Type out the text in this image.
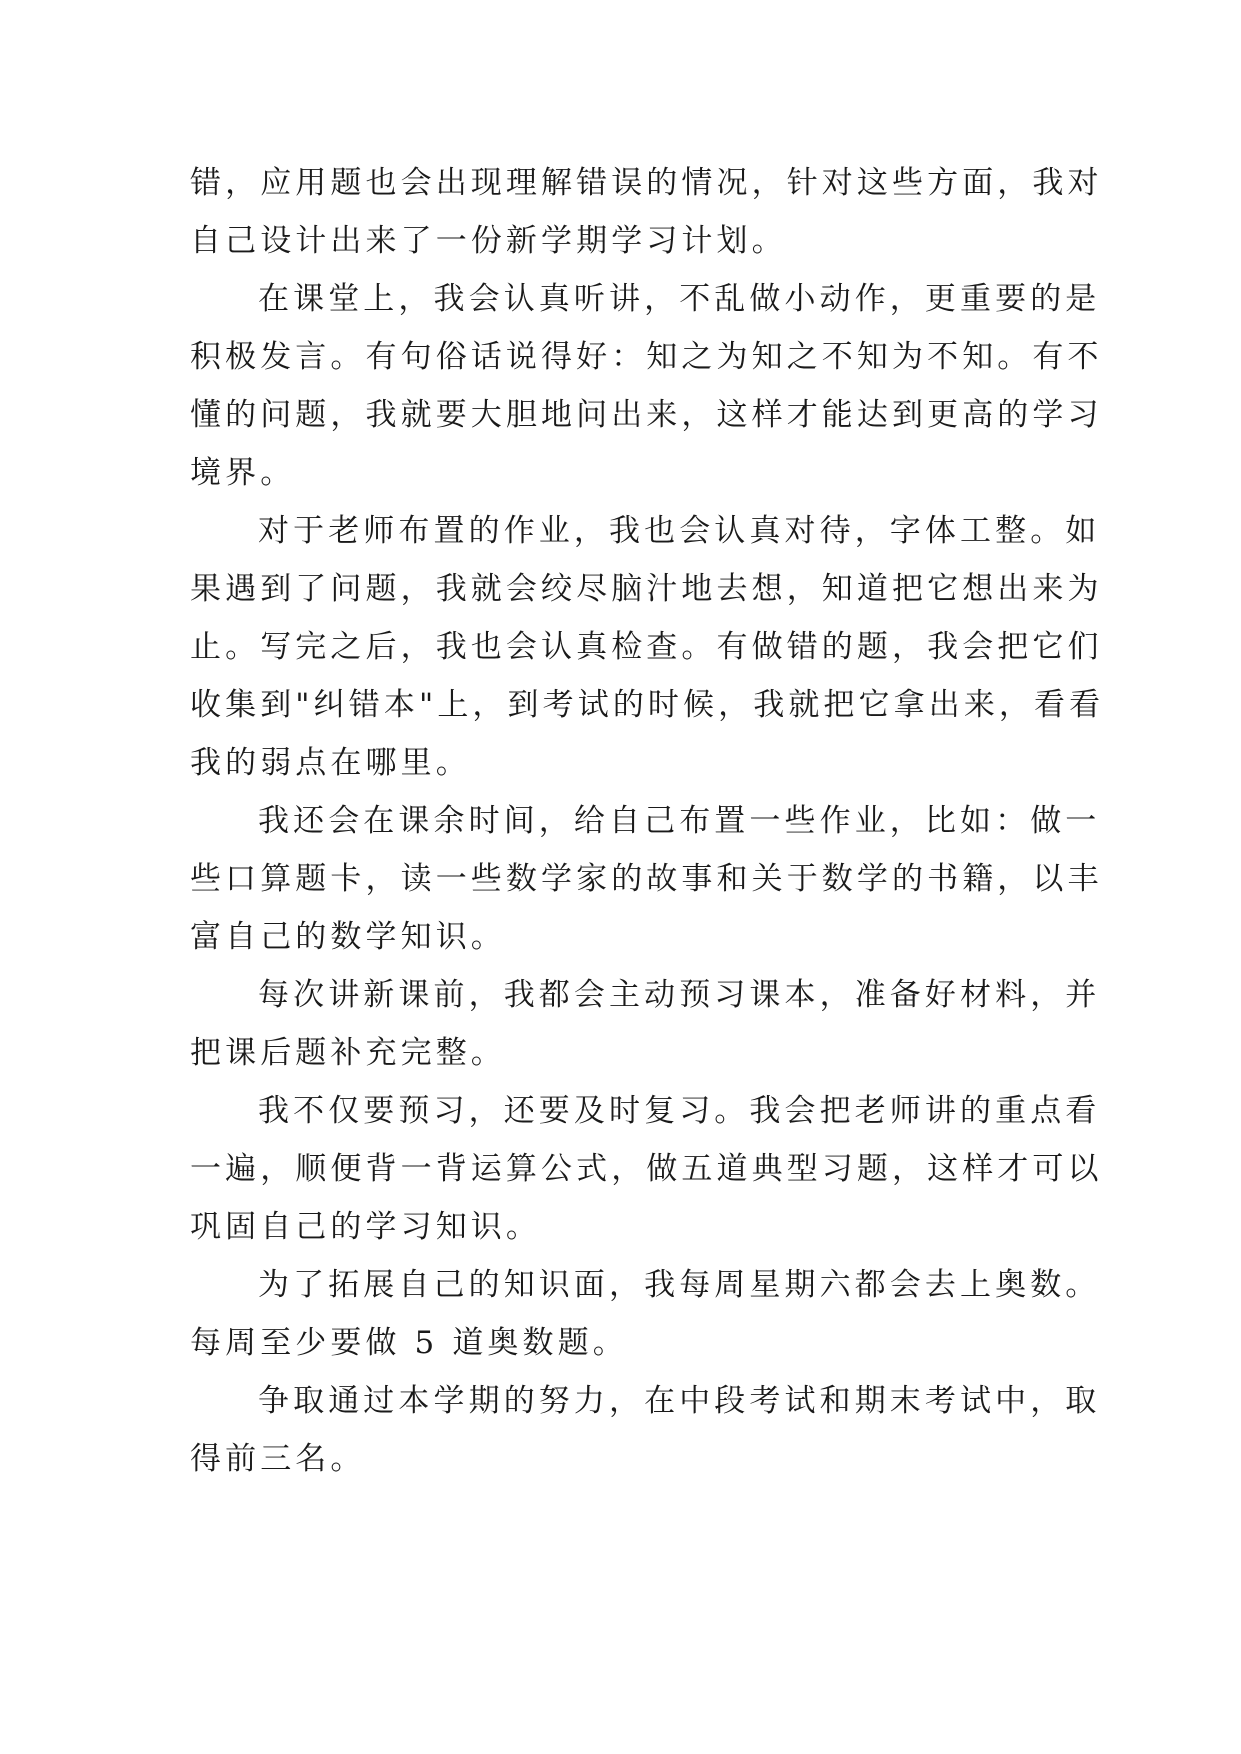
错，应用题也会出现理解错误的情况，针对这些方面，我对
自己设计出来了一份新学期学习计划。
在课堂上，我会认真听讲，不乱做小动作，更重要的是
积极发言。有句俗话说得好：知之为知之不知为不知。有不
懂的问题，我就要大胆地问出来，这样才能达到更高的学习
境界。
对于老师布置的作业，我也会认真对待，字体工整。如
果遇到了问题，我就会绞尽脑汁地去想，知道把它想出来为
止。写完之后，我也会认真检查。有做错的题，我会把它们
收集到"纠错本"上，到考试的时候，我就把它拿出来，看看
我的弱点在哪里。
我还会在课余时间，给自己布置一些作业，比如：做一
些口算题卡，读一些数学家的故事和关于数学的书籍，以丰
富自己的数学知识。
每次讲新课前，我都会主动预习课本，准备好材料，并
把课后题补充完整。
我不仅要预习，还要及时复习。我会把老师讲的重点看
一遍，顺便背一背运算公式，做五道典型习题，这样才可以
巩固自己的学习知识。
为了拓展自己的知识面，我每周星期六都会去上奥数。
每周至少要做 5 道奥数题。
争取通过本学期的努力，在中段考试和期末考试中，取
得前三名。
